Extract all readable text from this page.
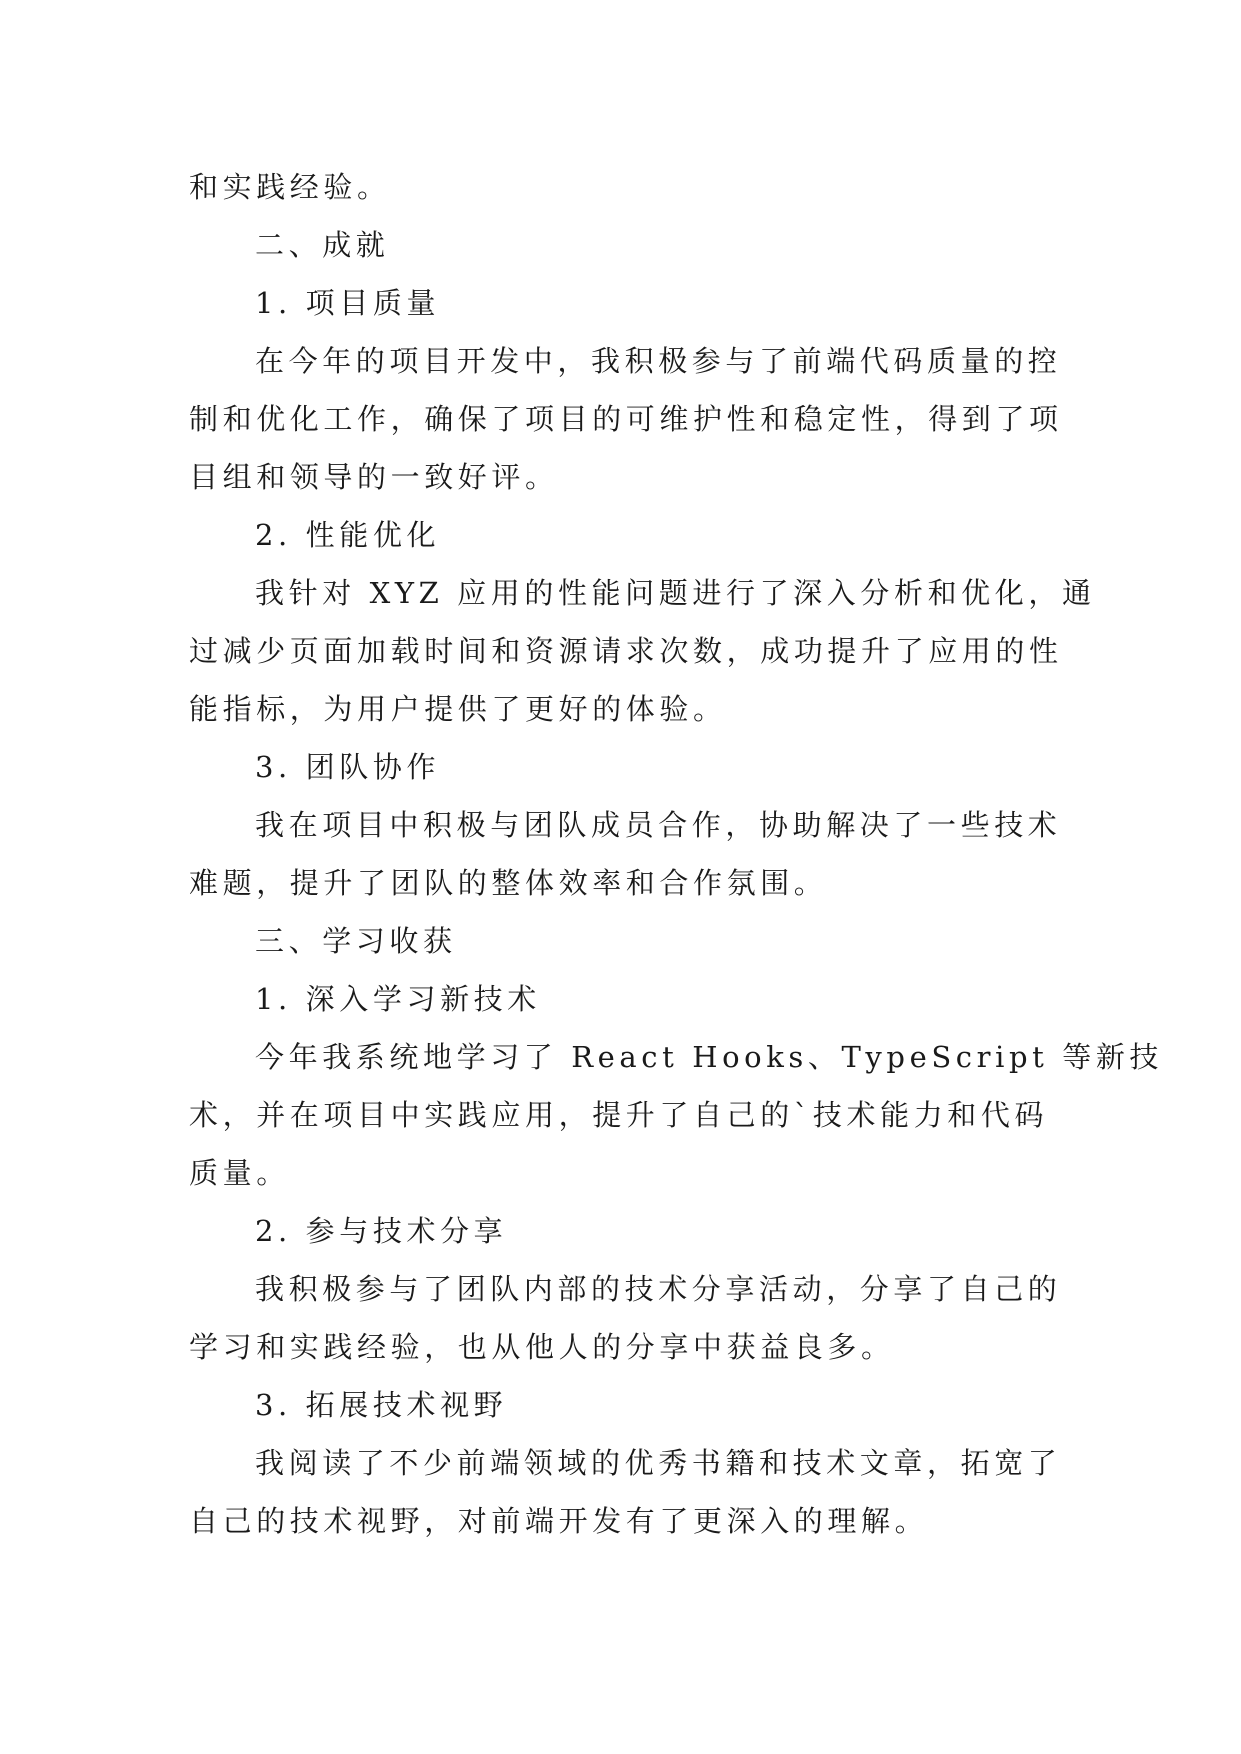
和实践经验。
二、成就
1. 项目质量
在今年的项目开发中，我积极参与了前端代码质量的控
制和优化工作，确保了项目的可维护性和稳定性，得到了项
目组和领导的一致好评。
2. 性能优化
我针对 XYZ 应用的性能问题进行了深入分析和优化，通
过减少页面加载时间和资源请求次数，成功提升了应用的性
能指标，为用户提供了更好的体验。
3. 团队协作
我在项目中积极与团队成员合作，协助解决了一些技术
难题，提升了团队的整体效率和合作氛围。
三、学习收获
1. 深入学习新技术
今年我系统地学习了 React Hooks、TypeScript 等新技
术，并在项目中实践应用，提升了自己的`技术能力和代码
质量。
2. 参与技术分享
我积极参与了团队内部的技术分享活动，分享了自己的
学习和实践经验，也从他人的分享中获益良多。
3. 拓展技术视野
我阅读了不少前端领域的优秀书籍和技术文章，拓宽了
自己的技术视野，对前端开发有了更深入的理解。
